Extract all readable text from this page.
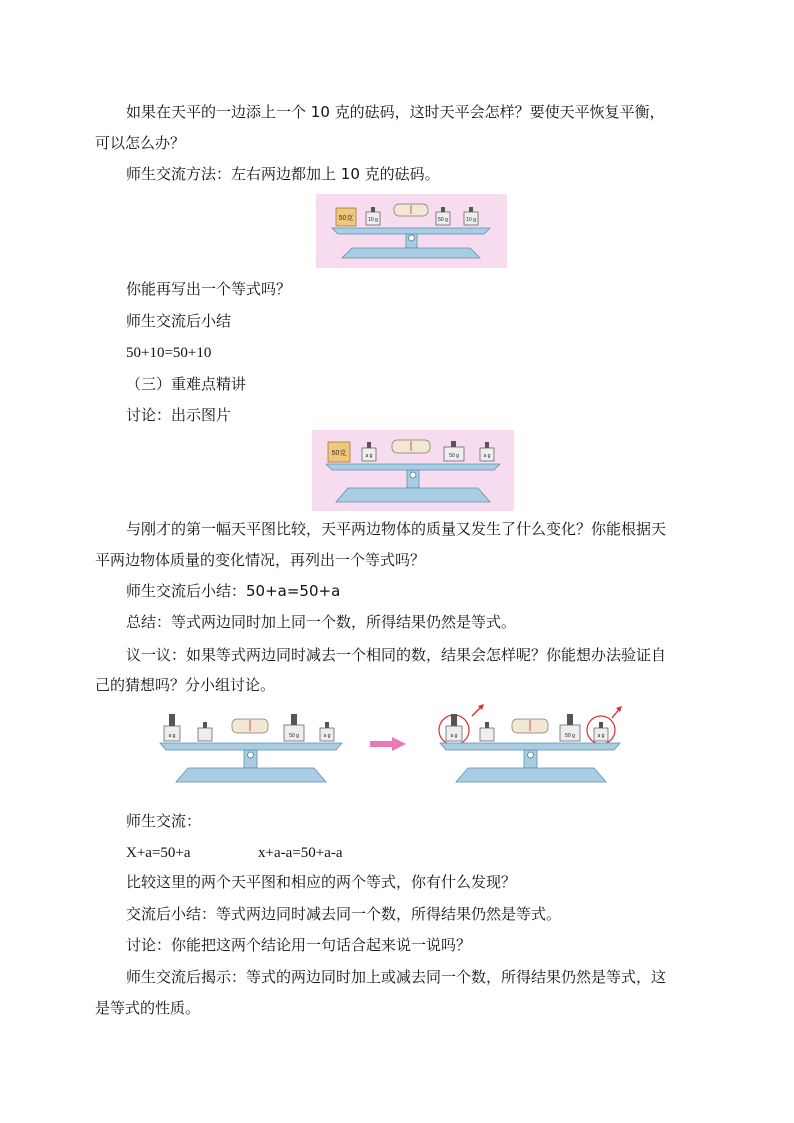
如果在天平的一边添上一个 10 克的砝码，这时天平会怎样？要使天平恢复平衡，
可以怎么办？
师生交流方法：左右两边都加上 10 克的砝码。
50克	10 g	50 g	10 g
你能再写出一个等式吗？
师生交流后小结
50+10=50+10
（三）重难点精讲
讨论：出示图片
50克	a g	50 g	a g
与刚才的第一幅天平图比较，天平两边物体的质量又发生了什么变化？你能根据天
平两边物体质量的变化情况，再列出一个等式吗？
师生交流后小结：50+a=50+a
总结：等式两边同时加上同一个数，所得结果仍然是等式。
议一议：如果等式两边同时减去一个相同的数，结果会怎样呢？你能想办法验证自
己的猜想吗？分小组讨论。
a g	50 g	a g	a g	50 g	a g
师生交流：
X+a=50+a	x+a-a=50+a-a
比较这里的两个天平图和相应的两个等式，你有什么发现？
交流后小结：等式两边同时减去同一个数，所得结果仍然是等式。
讨论：你能把这两个结论用一句话合起来说一说吗？
师生交流后揭示：等式的两边同时加上或减去同一个数，所得结果仍然是等式，这
是等式的性质。
